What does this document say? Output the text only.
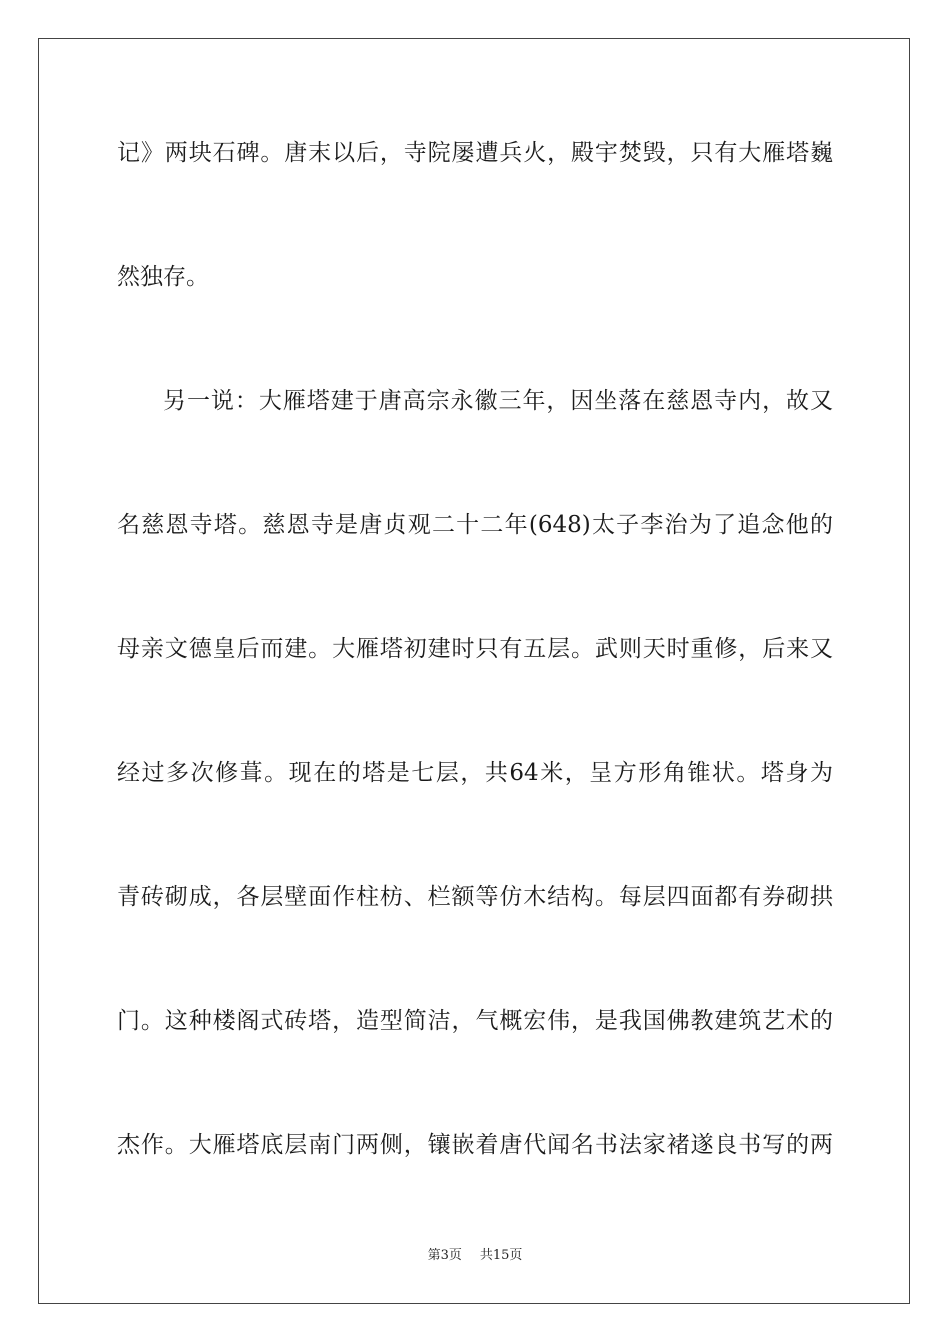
记》两块石碑。唐末以后，寺院屡遭兵火，殿宇焚毁，只有大雁塔巍
然独存。
另一说：大雁塔建于唐高宗永徽三年，因坐落在慈恩寺内，故又
名慈恩寺塔。慈恩寺是唐贞观二十二年(648)太子李治为了追念他的
母亲文德皇后而建。大雁塔初建时只有五层。武则天时重修，后来又
经过多次修葺。现在的塔是七层，共64米，呈方形角锥状。塔身为
青砖砌成，各层壁面作柱枋、栏额等仿木结构。每层四面都有券砌拱
门。这种楼阁式砖塔，造型简洁，气概宏伟，是我国佛教建筑艺术的
杰作。大雁塔底层南门两侧，镶嵌着唐代闻名书法家褚遂良书写的两
第3页 共15页
